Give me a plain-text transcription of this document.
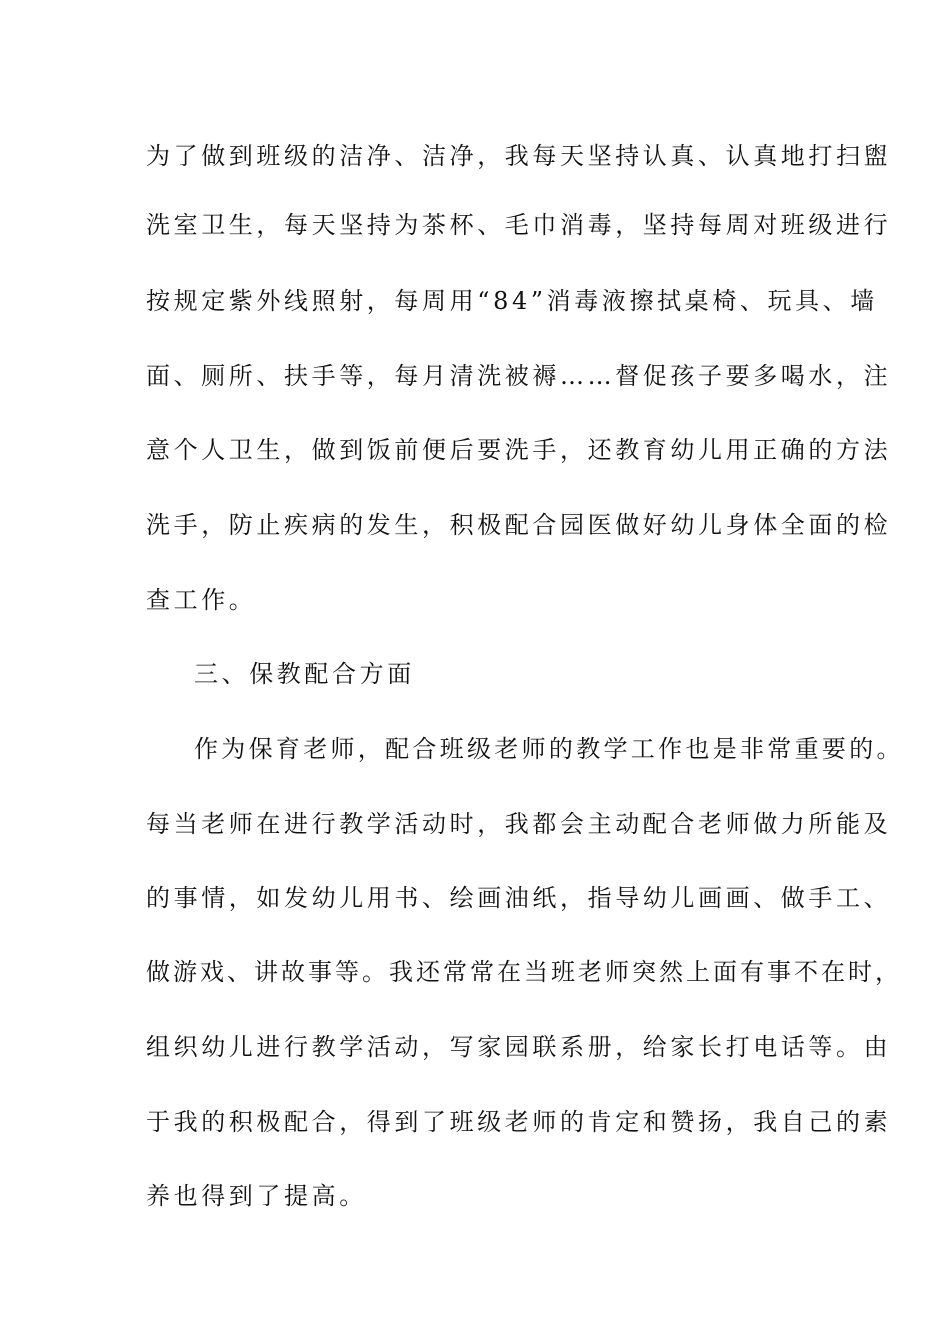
为了做到班级的洁净、洁净，我每天坚持认真、认真地打扫盥
洗室卫生，每天坚持为茶杯、毛巾消毒，坚持每周对班级进行
按规定紫外线照射，每周用“84”消毒液擦拭桌椅、玩具、墙
面、厕所、扶手等，每月清洗被褥……督促孩子要多喝水，注
意个人卫生，做到饭前便后要洗手，还教育幼儿用正确的方法
洗手，防止疾病的发生，积极配合园医做好幼儿身体全面的检
查工作。
三、保教配合方面
作为保育老师，配合班级老师的教学工作也是非常重要的。
每当老师在进行教学活动时，我都会主动配合老师做力所能及
的事情，如发幼儿用书、绘画油纸，指导幼儿画画、做手工、
做游戏、讲故事等。我还常常在当班老师突然上面有事不在时，
组织幼儿进行教学活动，写家园联系册，给家长打电话等。由
于我的积极配合，得到了班级老师的肯定和赞扬，我自己的素
养也得到了提高。
